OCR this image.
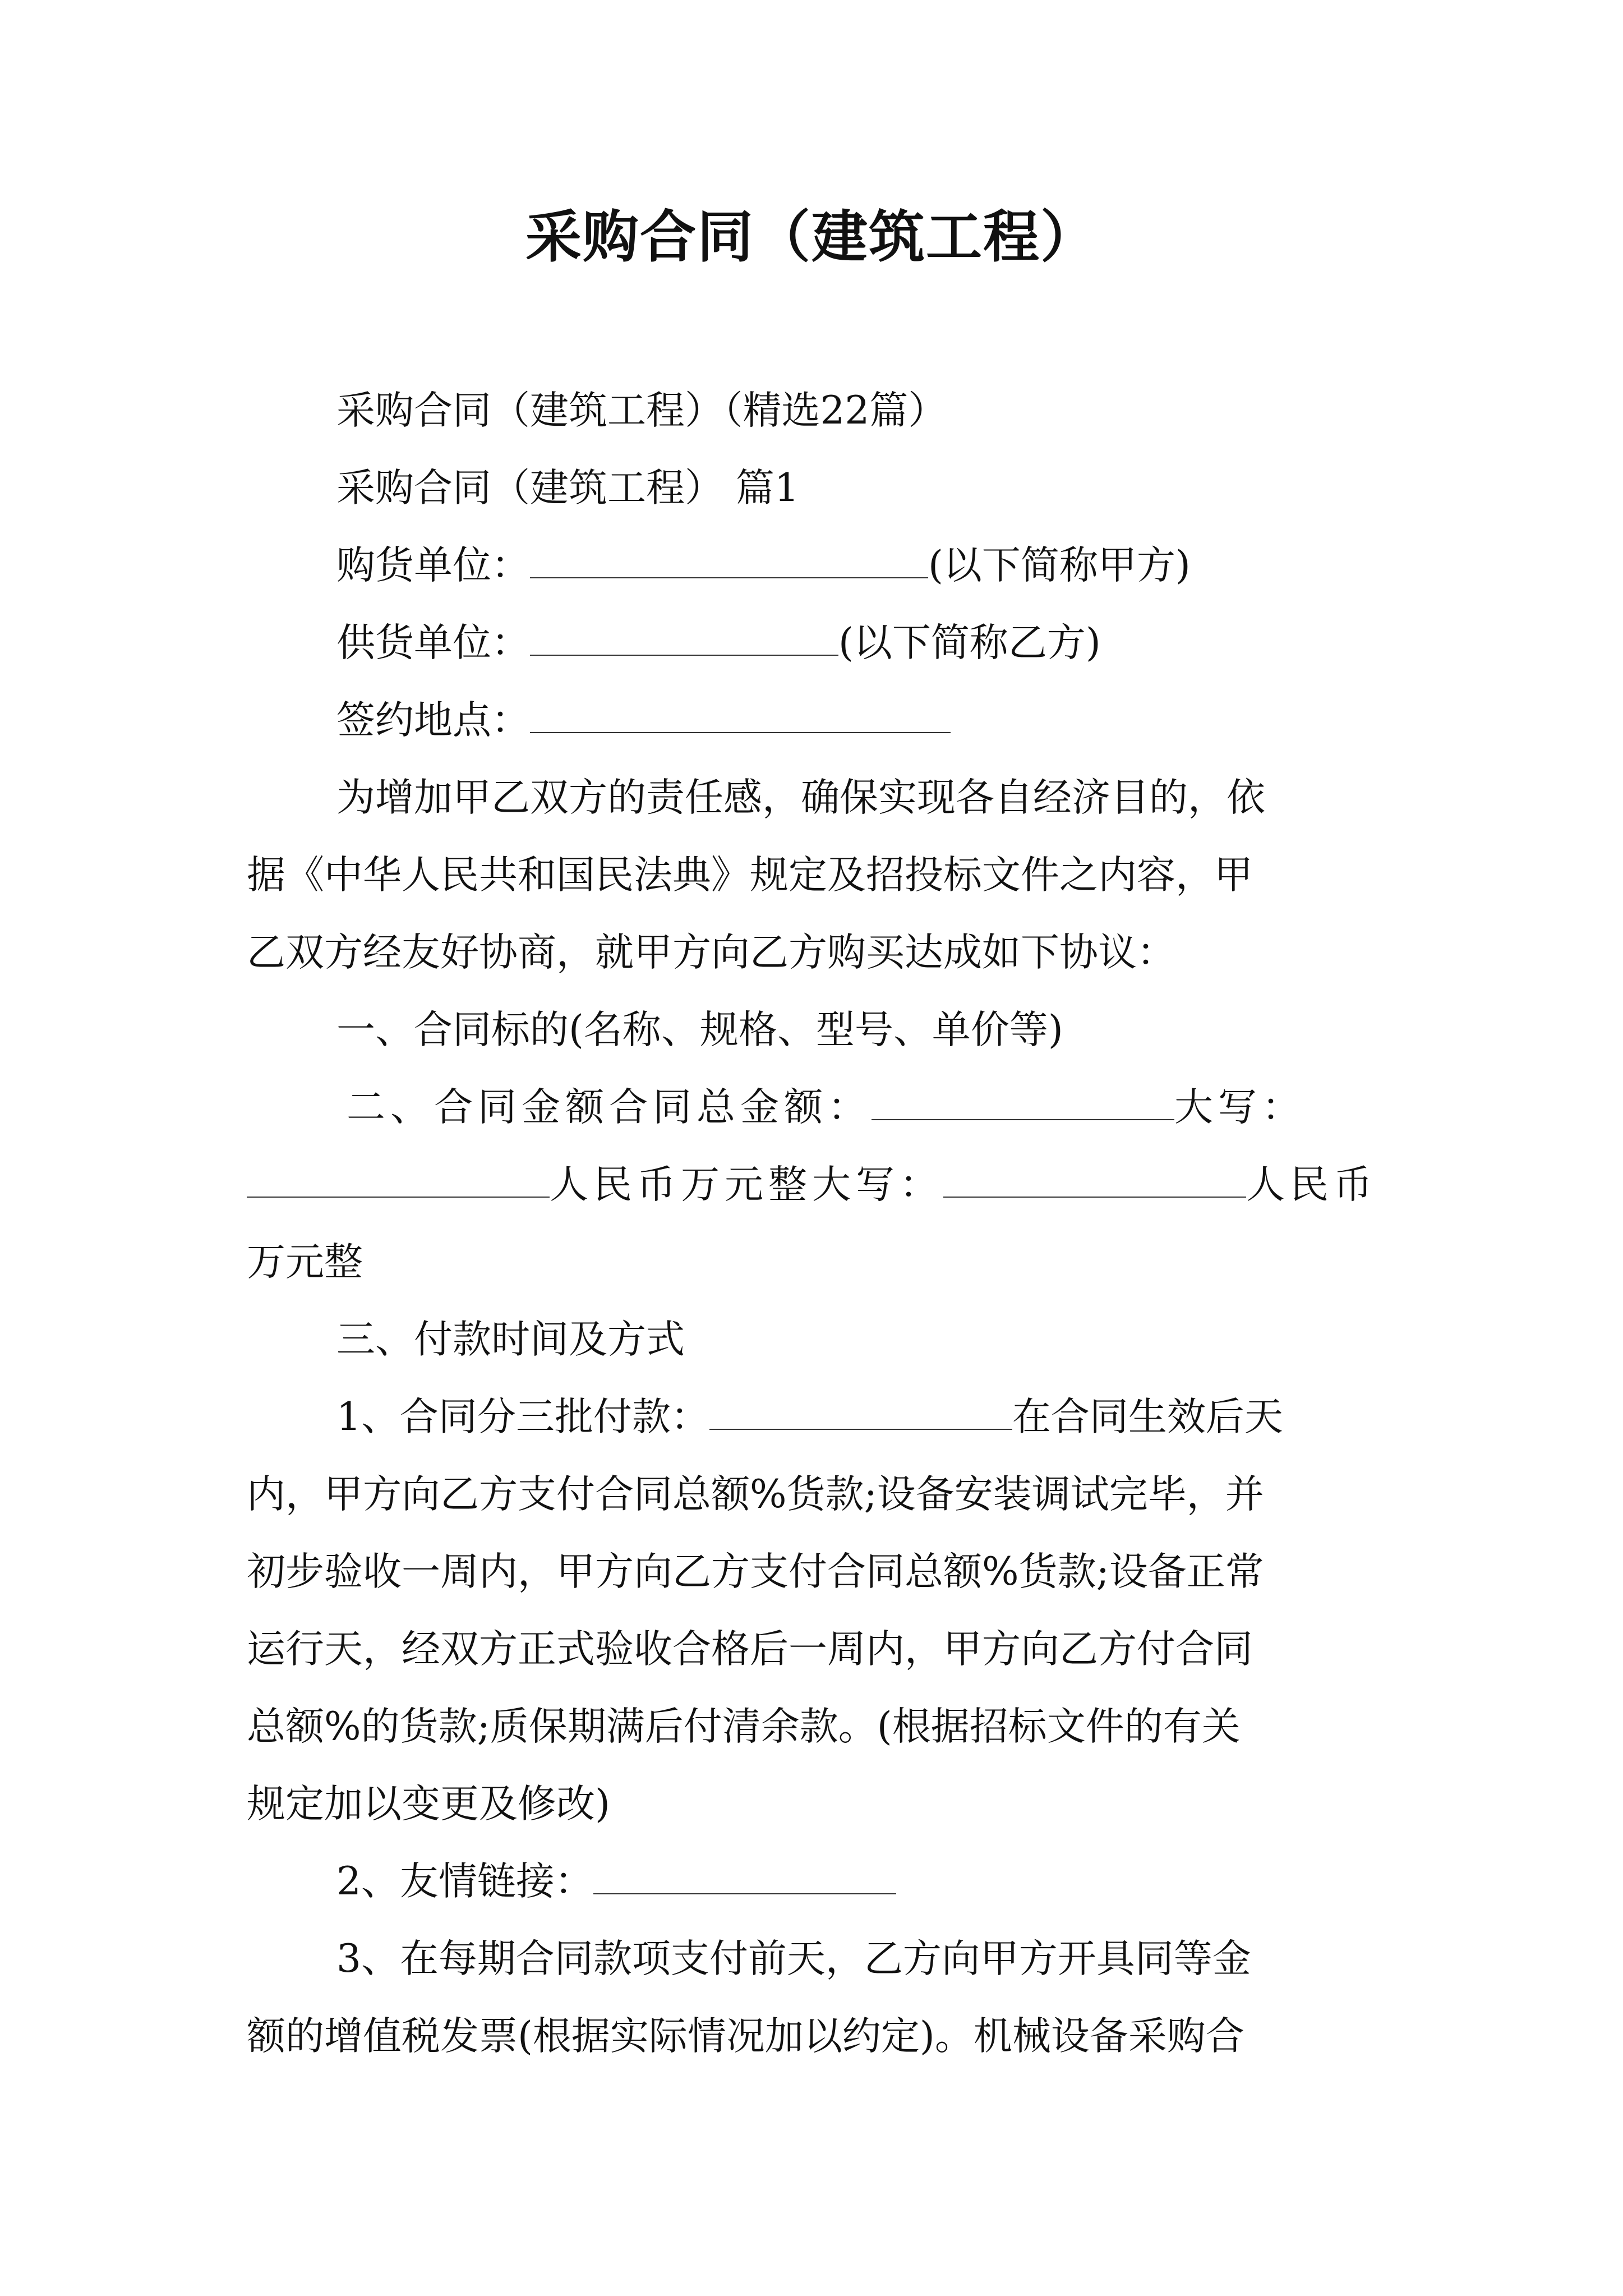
采购合同（建筑工程）
采购合同（建筑工程）（精选22篇）
采购合同（建筑工程） 篇1
购货单位：	(以下简称甲方)
供货单位：	(以下简称乙方)
签约地点：
为增加甲乙双方的责任感，确保实现各自经济目的，依
据《中华人民共和国民法典》规定及招投标文件之内容，甲
乙双方经友好协商，就甲方向乙方购买达成如下协议：
一、合同标的(名称、规格、型号、单价等)
二、合同金额合同总金额：	大写：
人民币万元整大写：	人民币
万元整
三、付款时间及方式
1、合同分三批付款：	在合同生效后天
内，甲方向乙方支付合同总额%货款;设备安装调试完毕，并
初步验收一周内，甲方向乙方支付合同总额%货款;设备正常
运行天，经双方正式验收合格后一周内，甲方向乙方付合同
总额%的货款;质保期满后付清余款。(根据招标文件的有关
规定加以变更及修改)
2、友情链接：
3、在每期合同款项支付前天，乙方向甲方开具同等金
额的增值税发票(根据实际情况加以约定)。机械设备采购合
